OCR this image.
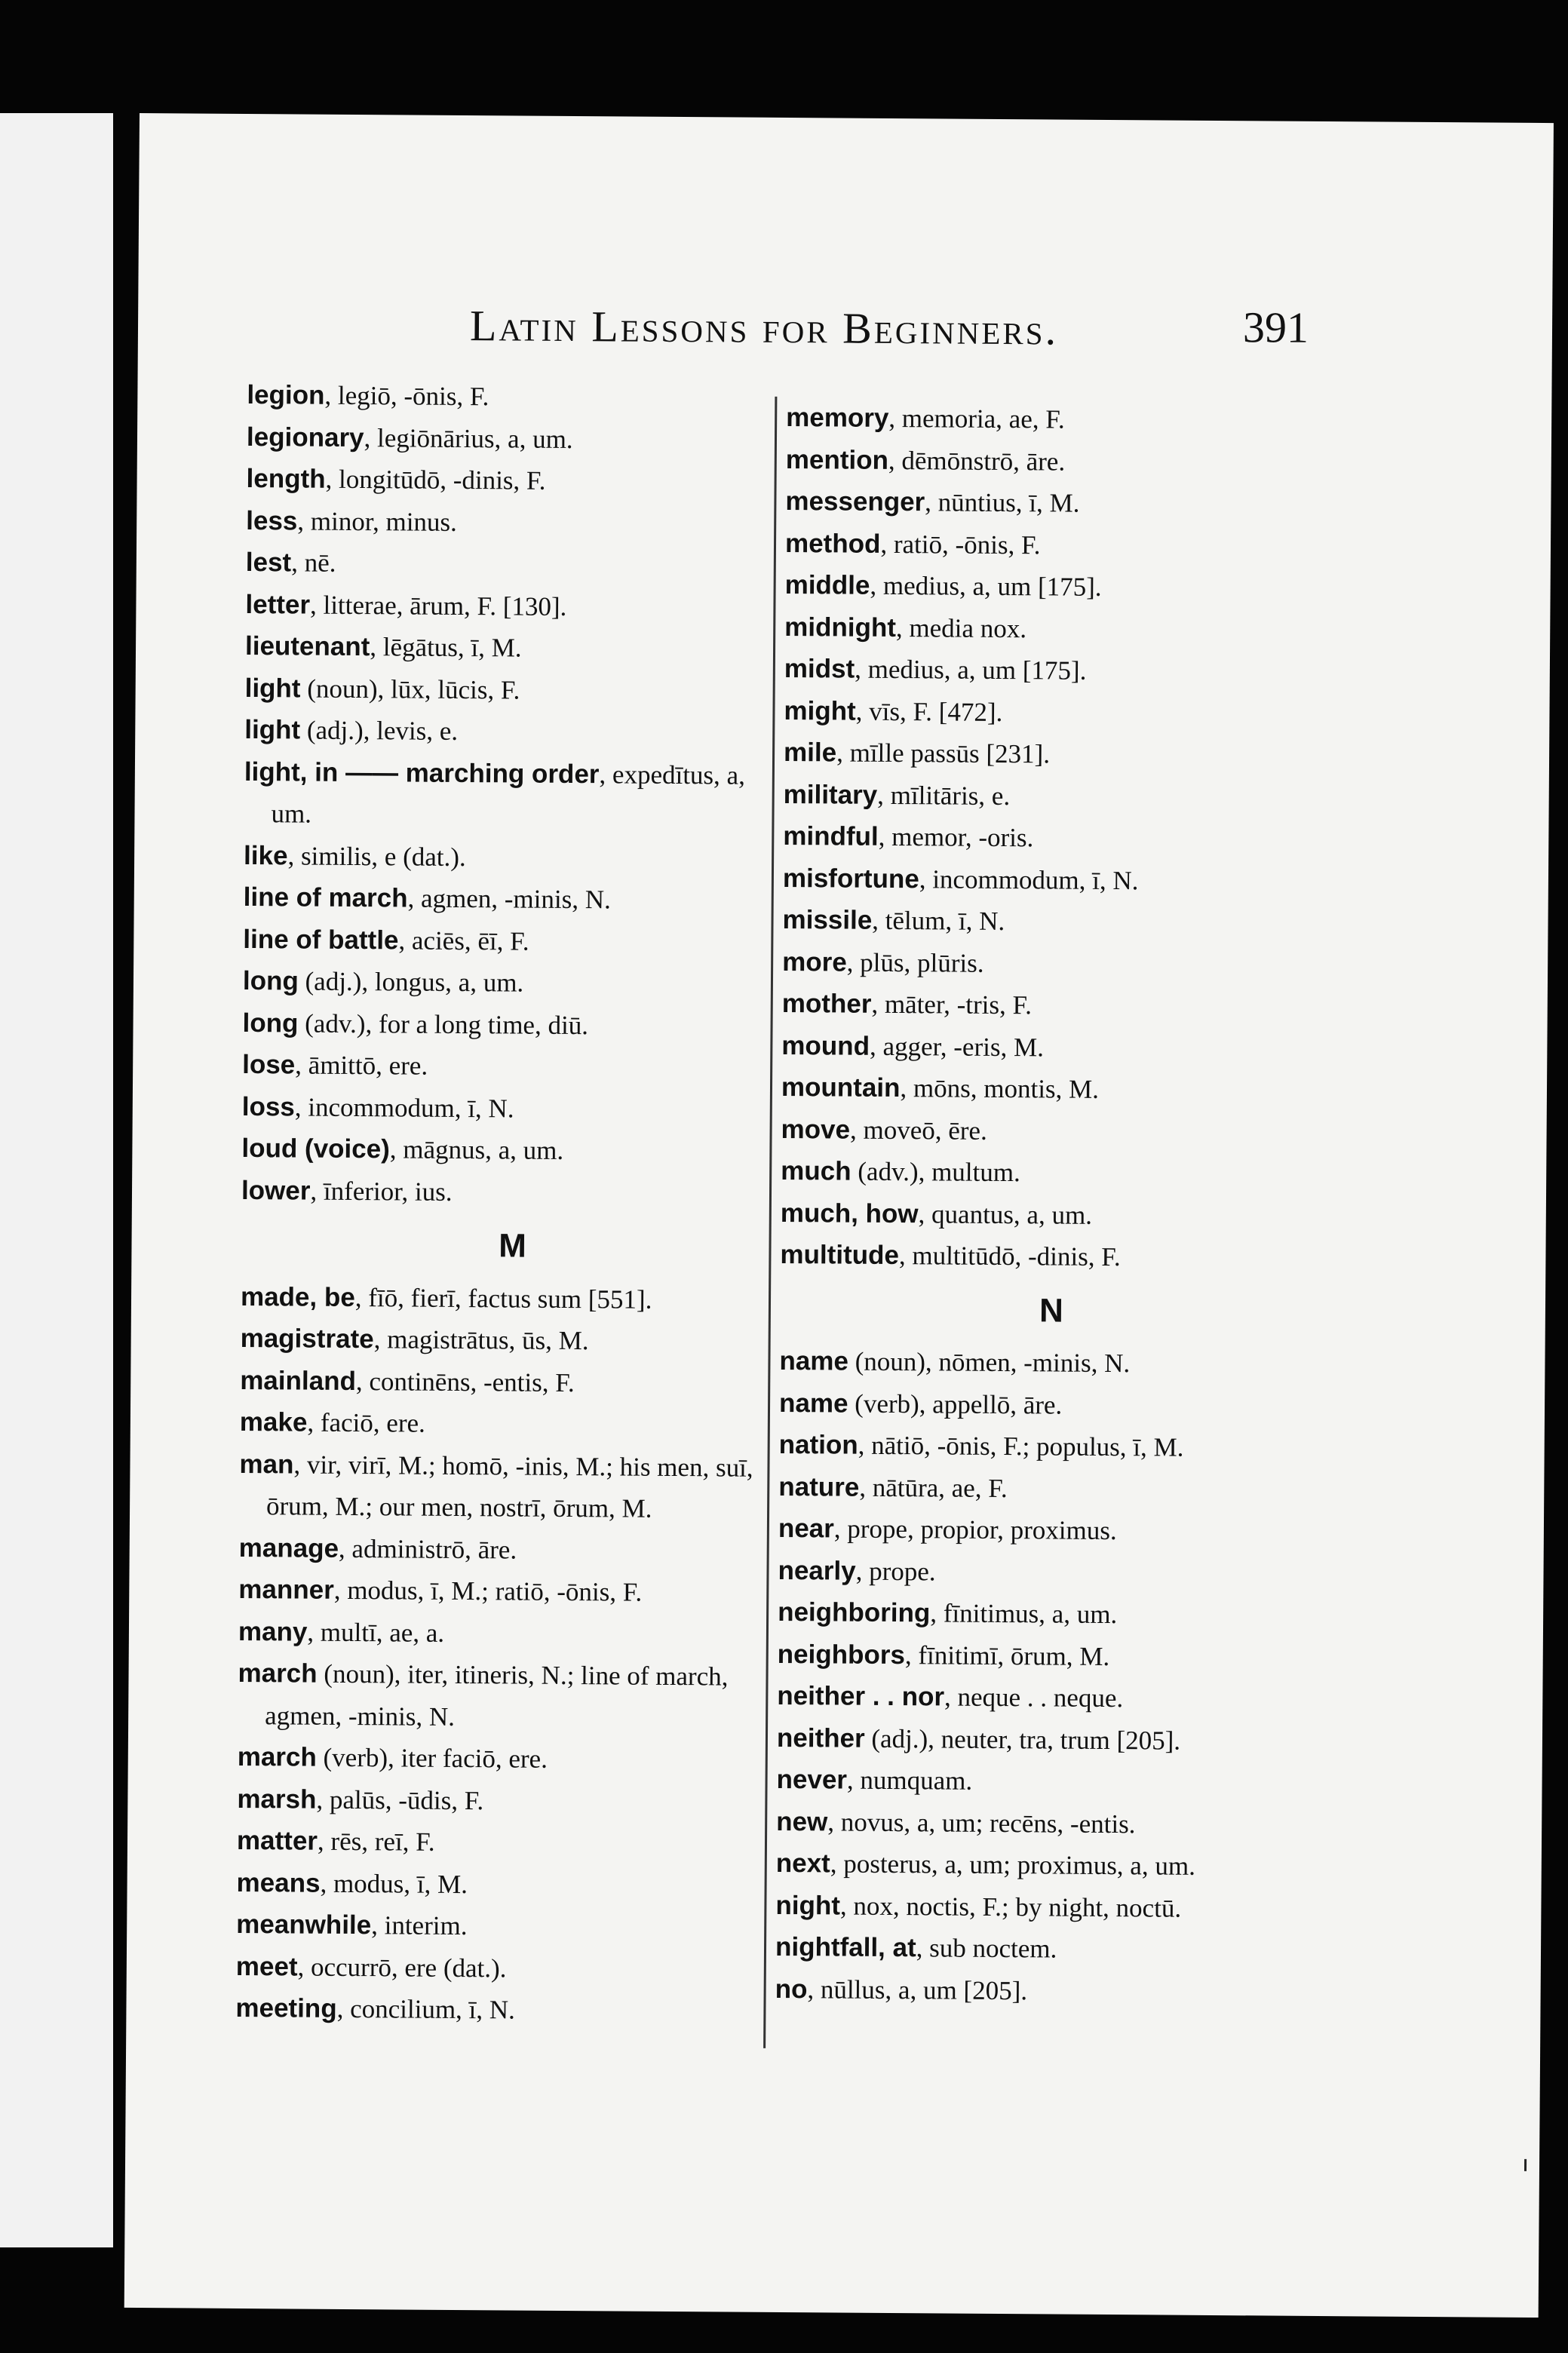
Latin Lessons for Beginners.	391

legion, legiō, -ōnis, F.

legionary, legiōnārius, a, um.

length, longitūdō, -dinis, F.

less, minor, minus.

lest, nē.

letter, litterae, ārum, F. [130].

lieutenant, lēgātus, ī, M.

light (noun), lūx, lūcis, F.

light (adj.), levis, e.

light, in —— marching order, expedītus, a, um.

like, similis, e (dat.).

line of march, agmen, -minis, N.

line of battle, aciēs, ēī, F.

long (adj.), longus, a, um.

long (adv.), for a long time, diū.

lose, āmittō, ere.

loss, incommodum, ī, N.

loud (voice), māgnus, a, um.

lower, īnferior, ius.

M

made, be, fīō, fierī, factus sum [551].

magistrate, magistrātus, ūs, M.

mainland, continēns, -entis, F.

make, faciō, ere.

man, vir, virī, M.; homō, -inis, M.; his men, suī, ōrum, M.; our men, nostrī, ōrum, M.

manage, administrō, āre.

manner, modus, ī, M.; ratiō, -ōnis, F.

many, multī, ae, a.

march (noun), iter, itineris, N.; line of march, agmen, -minis, N.

march (verb), iter faciō, ere.

marsh, palūs, -ūdis, F.

matter, rēs, reī, F.

means, modus, ī, M.

meanwhile, interim.

meet, occurrō, ere (dat.).

meeting, concilium, ī, N.

memory, memoria, ae, F.

mention, dēmōnstrō, āre.

messenger, nūntius, ī, M.

method, ratiō, -ōnis, F.

middle, medius, a, um [175].

midnight, media nox.

midst, medius, a, um [175].

might, vīs, F. [472].

mile, mīlle passūs [231].

military, mīlitāris, e.

mindful, memor, -oris.

misfortune, incommodum, ī, N.

missile, tēlum, ī, N.

more, plūs, plūris.

mother, māter, -tris, F.

mound, agger, -eris, M.

mountain, mōns, montis, M.

move, moveō, ēre.

much (adv.), multum.

much, how, quantus, a, um.

multitude, multitūdō, -dinis, F.

N

name (noun), nōmen, -minis, N.

name (verb), appellō, āre.

nation, nātiō, -ōnis, F.; populus, ī, M.

nature, nātūra, ae, F.

near, prope, propior, proximus.

nearly, prope.

neighboring, fīnitimus, a, um.

neighbors, fīnitimī, ōrum, M.

neither . . nor, neque . . neque.

neither (adj.), neuter, tra, trum [205].

never, numquam.

new, novus, a, um; recēns, -entis.

next, posterus, a, um; proximus, a, um.

night, nox, noctis, F.; by night, noctū.

nightfall, at, sub noctem.

no, nūllus, a, um [205].
